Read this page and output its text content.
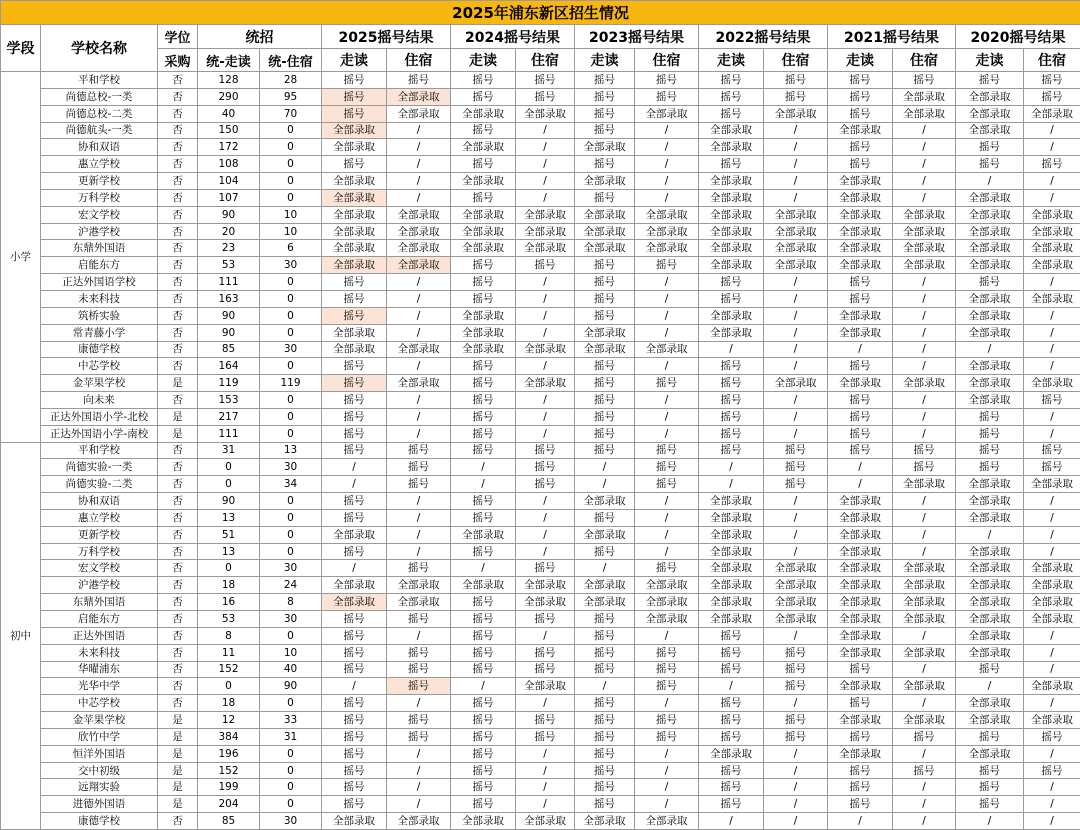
2025年浦东新区招生情况																
学段	学校名称	学位	统招		2025摇号结果		2024摇号结果		2023摇号结果		2022摇号结果		2021摇号结果		2020摇号结果	
		采购	统-走读	统-住宿	走读	住宿	走读	住宿	走读	住宿	走读	住宿	走读	住宿	走读	住宿
小学	平和学校	否	128	28	摇号	摇号	摇号	摇号	摇号	摇号	摇号	摇号	摇号	摇号	摇号	摇号
	尚德总校-一类	否	290	95	摇号	全部录取	摇号	摇号	摇号	摇号	摇号	摇号	摇号	全部录取	全部录取	摇号
	尚德总校-二类	否	40	70	摇号	全部录取	全部录取	全部录取	摇号	全部录取	摇号	全部录取	摇号	全部录取	全部录取	全部录取
	尚德航头-一类	否	150	0	全部录取	/	摇号	/	摇号	/	全部录取	/	全部录取	/	全部录取	/
	协和双语	否	172	0	全部录取	/	全部录取	/	全部录取	/	全部录取	/	摇号	/	摇号	/
	惠立学校	否	108	0	摇号	/	摇号	/	摇号	/	摇号	/	摇号	/	摇号	摇号
	更新学校	否	104	0	全部录取	/	全部录取	/	全部录取	/	全部录取	/	全部录取	/	/	/
	万科学校	否	107	0	全部录取	/	摇号	/	摇号	/	全部录取	/	全部录取	/	全部录取	/
	宏文学校	否	90	10	全部录取	全部录取	全部录取	全部录取	全部录取	全部录取	全部录取	全部录取	全部录取	全部录取	全部录取	全部录取
	沪港学校	否	20	10	全部录取	全部录取	全部录取	全部录取	全部录取	全部录取	全部录取	全部录取	全部录取	全部录取	全部录取	全部录取
	东鼎外国语	否	23	6	全部录取	全部录取	全部录取	全部录取	全部录取	全部录取	全部录取	全部录取	全部录取	全部录取	全部录取	全部录取
	启能东方	否	53	30	全部录取	全部录取	摇号	摇号	摇号	摇号	全部录取	全部录取	全部录取	全部录取	全部录取	全部录取
	正达外国语学校	否	111	0	摇号	/	摇号	/	摇号	/	摇号	/	摇号	/	摇号	/
	未来科技	否	163	0	摇号	/	摇号	/	摇号	/	摇号	/	摇号	/	全部录取	全部录取
	筑桥实验	否	90	0	摇号	/	全部录取	/	摇号	/	全部录取	/	全部录取	/	全部录取	/
	常青藤小学	否	90	0	全部录取	/	全部录取	/	全部录取	/	全部录取	/	全部录取	/	全部录取	/
	康德学校	否	85	30	全部录取	全部录取	全部录取	全部录取	全部录取	全部录取	/	/	/	/	/	/
	中芯学校	否	164	0	摇号	/	摇号	/	摇号	/	摇号	/	摇号	/	全部录取	/
	金苹果学校	是	119	119	摇号	全部录取	摇号	全部录取	摇号	摇号	摇号	全部录取	全部录取	全部录取	全部录取	全部录取
	向未来	否	153	0	摇号	/	摇号	/	摇号	/	摇号	/	摇号	/	全部录取	摇号
	正达外国语小学-北校	是	217	0	摇号	/	摇号	/	摇号	/	摇号	/	摇号	/	摇号	/
	正达外国语小学-南校	是	111	0	摇号	/	摇号	/	摇号	/	摇号	/	摇号	/	摇号	/
初中	平和学校	否	31	13	摇号	摇号	摇号	摇号	摇号	摇号	摇号	摇号	摇号	摇号	摇号	摇号
	尚德实验-一类	否	0	30	/	摇号	/	摇号	/	摇号	/	摇号	/	摇号	摇号	摇号
	尚德实验-二类	否	0	34	/	摇号	/	摇号	/	摇号	/	摇号	/	全部录取	全部录取	全部录取
	协和双语	否	90	0	摇号	/	摇号	/	全部录取	/	全部录取	/	全部录取	/	全部录取	/
	惠立学校	否	13	0	摇号	/	摇号	/	摇号	/	全部录取	/	全部录取	/	全部录取	/
	更新学校	否	51	0	全部录取	/	全部录取	/	全部录取	/	全部录取	/	全部录取	/	/	/
	万科学校	否	13	0	摇号	/	摇号	/	摇号	/	全部录取	/	全部录取	/	全部录取	/
	宏文学校	否	0	30	/	摇号	/	摇号	/	摇号	全部录取	全部录取	全部录取	全部录取	全部录取	全部录取
	沪港学校	否	18	24	全部录取	全部录取	全部录取	全部录取	全部录取	全部录取	全部录取	全部录取	全部录取	全部录取	全部录取	全部录取
	东鼎外国语	否	16	8	全部录取	全部录取	摇号	全部录取	全部录取	全部录取	全部录取	全部录取	全部录取	全部录取	全部录取	全部录取
	启能东方	否	53	30	摇号	摇号	摇号	摇号	摇号	全部录取	全部录取	全部录取	全部录取	全部录取	全部录取	全部录取
	正达外国语	否	8	0	摇号	/	摇号	/	摇号	/	摇号	/	全部录取	/	全部录取	/
	未来科技	否	11	10	摇号	摇号	摇号	摇号	摇号	摇号	摇号	摇号	全部录取	全部录取	全部录取	/
	华曜浦东	否	152	40	摇号	摇号	摇号	摇号	摇号	摇号	摇号	摇号	摇号	/	摇号	/
	光华中学	否	0	90	/	摇号	/	全部录取	/	摇号	/	摇号	全部录取	全部录取	/	全部录取
	中芯学校	否	18	0	摇号	/	摇号	/	摇号	/	摇号	/	摇号	/	全部录取	/
	金苹果学校	是	12	33	摇号	摇号	摇号	摇号	摇号	摇号	摇号	摇号	全部录取	全部录取	全部录取	全部录取
	欣竹中学	是	384	31	摇号	摇号	摇号	摇号	摇号	摇号	摇号	摇号	摇号	摇号	摇号	摇号
	恒洋外国语	是	196	0	摇号	/	摇号	/	摇号	/	全部录取	/	全部录取	/	全部录取	/
	交中初级	是	152	0	摇号	/	摇号	/	摇号	/	摇号	/	摇号	摇号	摇号	摇号
	远翔实验	是	199	0	摇号	/	摇号	/	摇号	/	摇号	/	摇号	/	摇号	/
	进德外国语	是	204	0	摇号	/	摇号	/	摇号	/	摇号	/	摇号	/	摇号	/
	康德学校	否	85	30	全部录取	全部录取	全部录取	全部录取	全部录取	全部录取	/	/	/	/	/	/
